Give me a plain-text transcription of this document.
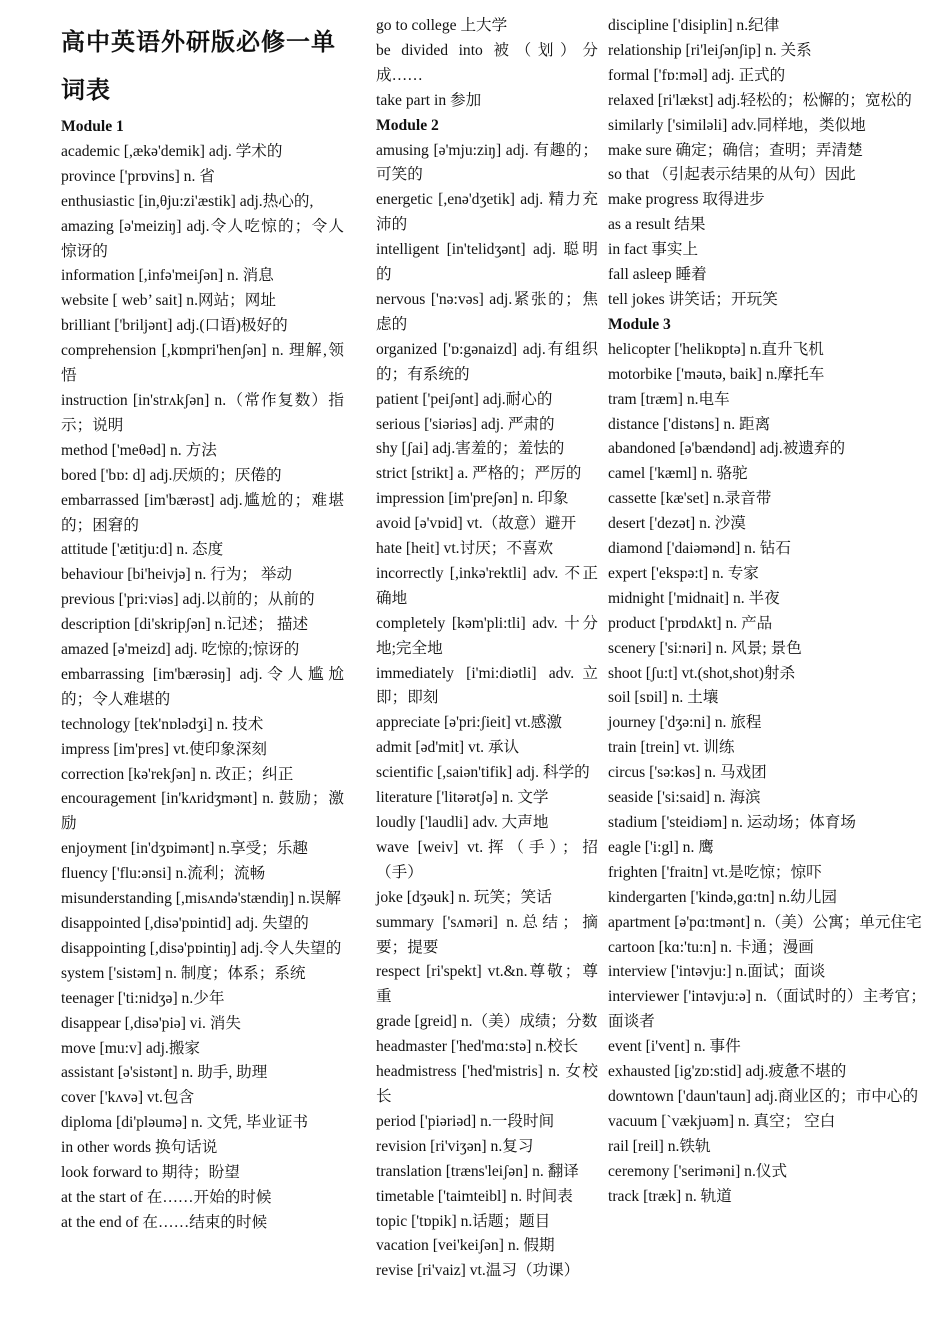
高中英语外研版必修一单词表
Module 1
academic [,ækə'demik] adj. 学术的
province ['prɒvins] n. 省
enthusiastic [in,θju:zi'æstik] adj.热心的,
amazing [ə'meiziŋ] adj.令人吃惊的；令人惊讶的
information [,infə'meiʃən] n. 消息
website [ web’ sait] n.网站；网址
brilliant ['briljənt] adj.(口语)极好的
comprehension [,kɒmpri'henʃən] n. 理解,领悟
instruction [in'strʌkʃən] n.（常作复数）指示；说明
method ['meθəd] n. 方法
bored ['bɒ: d] adj.厌烦的；厌倦的
embarrassed [im'bærəst] adj.尴尬的；难堪的；困窘的
attitude ['ætitju:d] n. 态度
behaviour [bi'heivjə] n. 行为； 举动
previous ['pri:viəs] adj.以前的；从前的
description [di'skripʃən] n.记述； 描述
amazed [ə'meizd] adj. 吃惊的;惊讶的
embarrassing [im'bærəsiŋ] adj.令人尴尬的；令人难堪的
technology [tek'nɒlədʒi] n. 技术
impress [im'pres] vt.使印象深刻
correction [kə'rekʃən] n. 改正；纠正
encouragement [in'kʌridʒmənt] n. 鼓励；激励
enjoyment [in'dʒɒimənt] n.享受；乐趣
fluency ['flu:ənsi] n.流利；流畅
misunderstanding [,misʌndə'stændiŋ] n.误解
disappointed [,disə'pɒintid] adj. 失望的
disappointing [,disə'pɒintiŋ] adj.令人失望的
system ['sistəm] n. 制度；体系；系统
teenager ['ti:nidʒə] n.少年
disappear [,disə'piə] vi. 消失
move [mu:v] adj.搬家
assistant [ə'sistənt] n. 助手, 助理
cover ['kʌvə] vt.包含
diploma [di'pləumə] n. 文凭, 毕业证书
in other words 换句话说
look forward to 期待；盼望
at the start of 在……开始的时候
at the end of 在……结束的时候
go to college 上大学
be divided into 被（划）分成……
take part in 参加
Module 2
amusing [ə'mju:ziŋ] adj. 有趣的；可笑的
energetic [,enə'dʒetik] adj. 精力充沛的
intelligent [in'telidʒənt] adj. 聪明的
nervous ['nə:vəs] adj.紧张的；焦虑的
organized ['ɒ:gənaizd] adj.有组织的；有系统的
patient ['peiʃənt] adj.耐心的
serious ['siəriəs] adj. 严肃的
shy [ʃai] adj.害羞的；羞怯的
strict [strikt] a. 严格的；严厉的
impression [im'preʃən] n. 印象
avoid [ə'vɒid] vt.（故意）避开
hate [heit] vt.讨厌；不喜欢
incorrectly [,inkə'rektli] adv. 不正确地
completely [kəm'pli:tli] adv. 十分地;完全地
immediately [i'mi:diətli] adv.立即；即刻
appreciate [ə'pri:ʃieit] vt.感激
admit [əd'mit] vt. 承认
scientific [,saiən'tifik] adj. 科学的
literature ['litərətʃə] n. 文学
loudly ['laudli] adv. 大声地
wave [weiv] vt.挥（手）；招（手）
joke [dʒəuk] n. 玩笑；笑话
summary ['sʌməri] n.总结；摘要；提要
respect [ri'spekt] vt.&n.尊敬；尊重
grade [greid] n.（美）成绩；分数
headmaster ['hed'mɑ:stə] n.校长
headmistress ['hed'mistris] n. 女校长
period ['piəriəd] n.一段时间
revision [ri'viʒən] n.复习
translation [træns'leiʃən] n. 翻译
timetable ['taimteibl] n. 时间表
topic ['tɒpik] n.话题；题目
vacation [vei'keiʃən] n. 假期
revise [ri'vaiz] vt.温习（功课）
discipline ['disiplin] n.纪律
relationship [ri'leiʃənʃip] n. 关系
formal ['fɒ:məl] adj. 正式的
relaxed [ri'lækst] adj.轻松的；松懈的；宽松的
similarly ['similəli] adv.同样地，类似地
make sure 确定；确信；查明；弄清楚
so that （引起表示结果的从句）因此
make progress 取得进步
as a result 结果
in fact 事实上
fall asleep 睡着
tell jokes 讲笑话；开玩笑
Module 3
helicopter ['helikɒptə] n.直升飞机
motorbike ['məutə, baik] n.摩托车
tram [træm] n.电车
distance ['distəns] n. 距离
abandoned [ə'bændənd] adj.被遗弃的
camel ['kæml] n. 骆驼
cassette [kæ'set] n.录音带
desert ['dezət] n. 沙漠
diamond ['daiəmənd] n. 钻石
expert ['ekspə:t] n. 专家
midnight ['midnait] n. 半夜
product ['prɒdʌkt] n. 产品
scenery ['si:nəri] n. 风景; 景色
shoot [ʃu:t] vt.(shot,shot)射杀
soil [sɒil] n. 土壤
journey ['dʒə:ni] n. 旅程
train [trein] vt. 训练
circus ['sə:kəs] n. 马戏团
seaside ['si:said] n. 海滨
stadium ['steidiəm] n. 运动场；体育场
eagle ['i:gl] n. 鹰
frighten ['fraitn] vt.是吃惊；惊吓
kindergarten ['kində,gɑ:tn] n.幼儿园
apartment [ə'pɑ:tmənt] n.（美）公寓；单元住宅
cartoon [kɑ:'tu:n] n. 卡通；漫画
interview ['intəvju:] n.面试；面谈
interviewer ['intəvju:ə] n.（面试时的）主考官；面谈者
event [i'vent] n. 事件
exhausted [ig'zɒ:stid] adj.疲惫不堪的
downtown ['daun'taun] adj.商业区的；市中心的
vacuum [ˋvækjuəm] n. 真空； 空白
rail [reil] n.铁轨
ceremony ['seriməni] n.仪式
track [træk] n. 轨道
